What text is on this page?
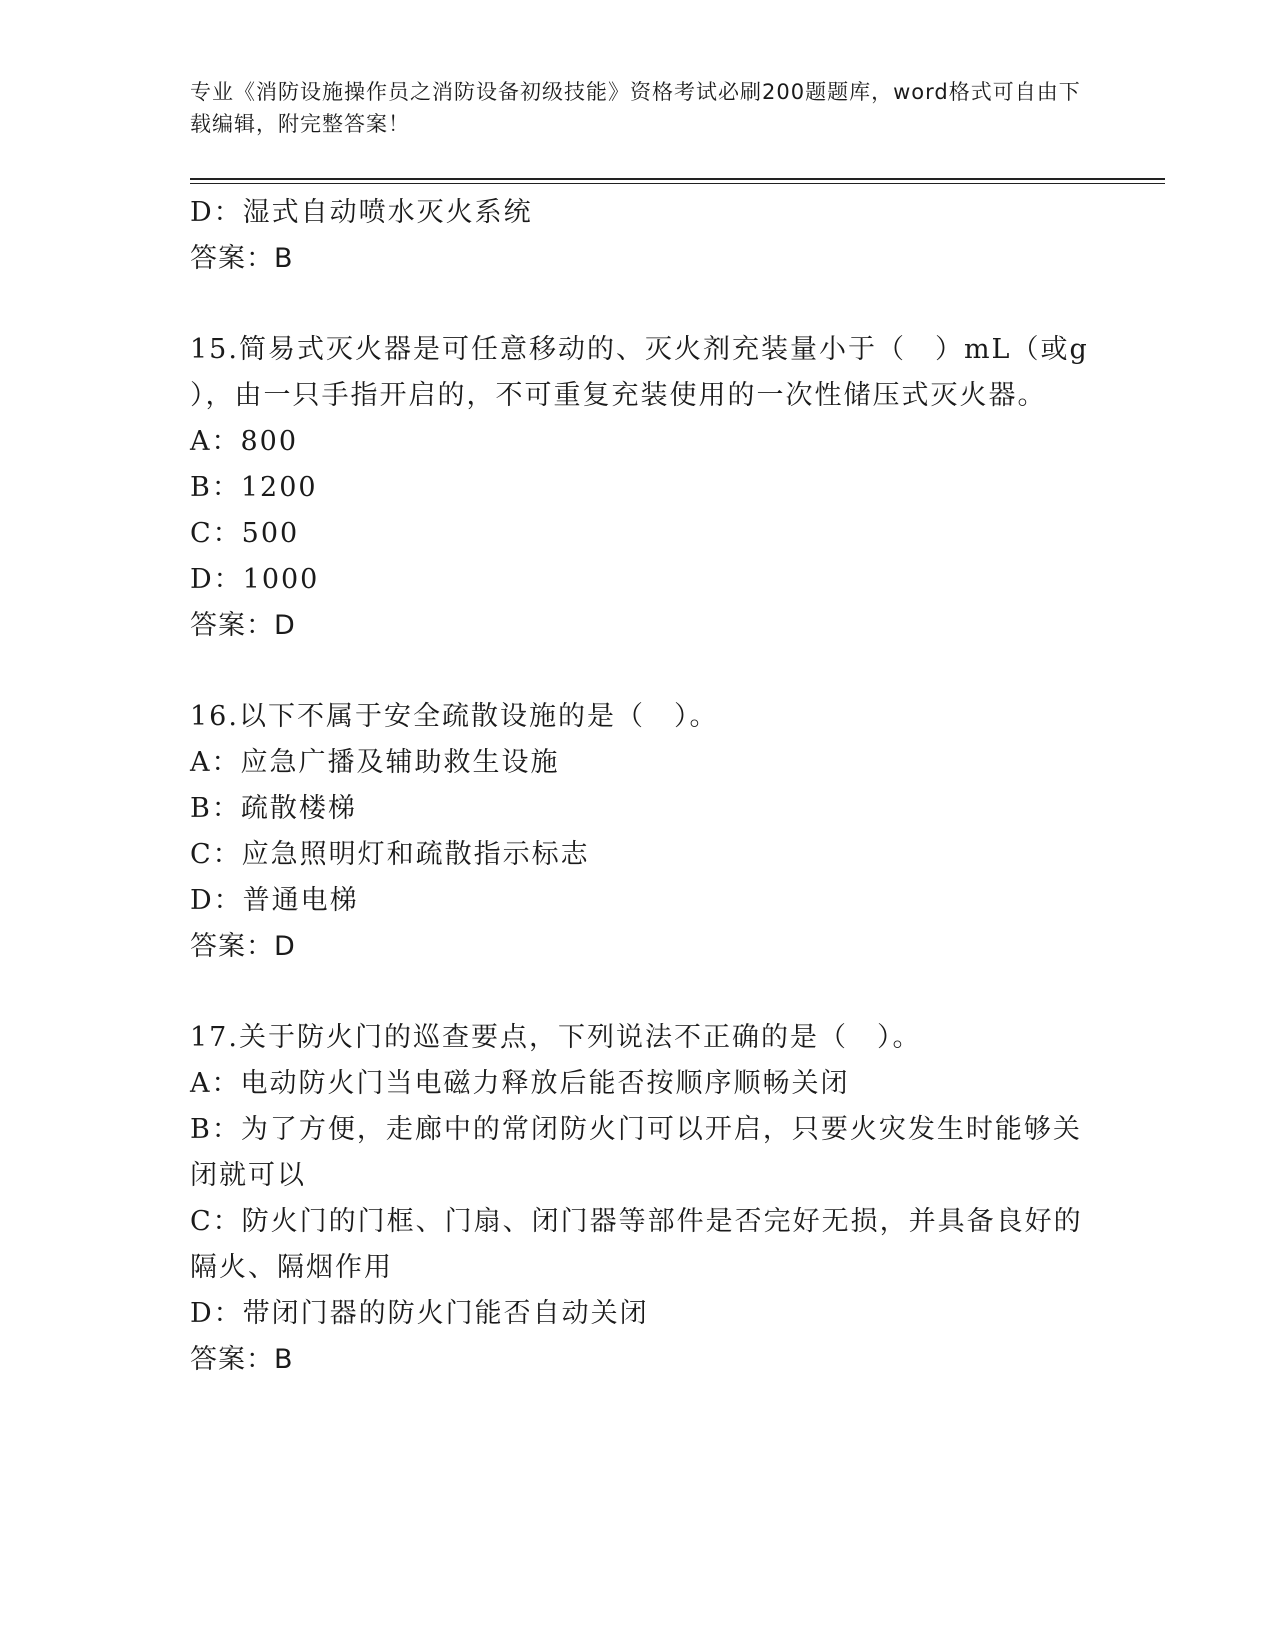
专业《消防设施操作员之消防设备初级技能》资格考试必刷200题题库，word格式可自由下载编辑，附完整答案！
D：湿式自动喷水灭火系统
答案：B
15.简易式灭火器是可任意移动的、灭火剂充装量小于（　）mL（或g
），由一只手指开启的，不可重复充装使用的一次性储压式灭火器。
A：800
B：1200
C：500
D：1000
答案：D
16.以下不属于安全疏散设施的是（　）。
A：应急广播及辅助救生设施
B：疏散楼梯
C：应急照明灯和疏散指示标志
D：普通电梯
答案：D
17.关于防火门的巡查要点，下列说法不正确的是（　）。
A：电动防火门当电磁力释放后能否按顺序顺畅关闭
B：为了方便，走廊中的常闭防火门可以开启，只要火灾发生时能够关
闭就可以
C：防火门的门框、门扇、闭门器等部件是否完好无损，并具备良好的
隔火、隔烟作用
D：带闭门器的防火门能否自动关闭
答案：B
